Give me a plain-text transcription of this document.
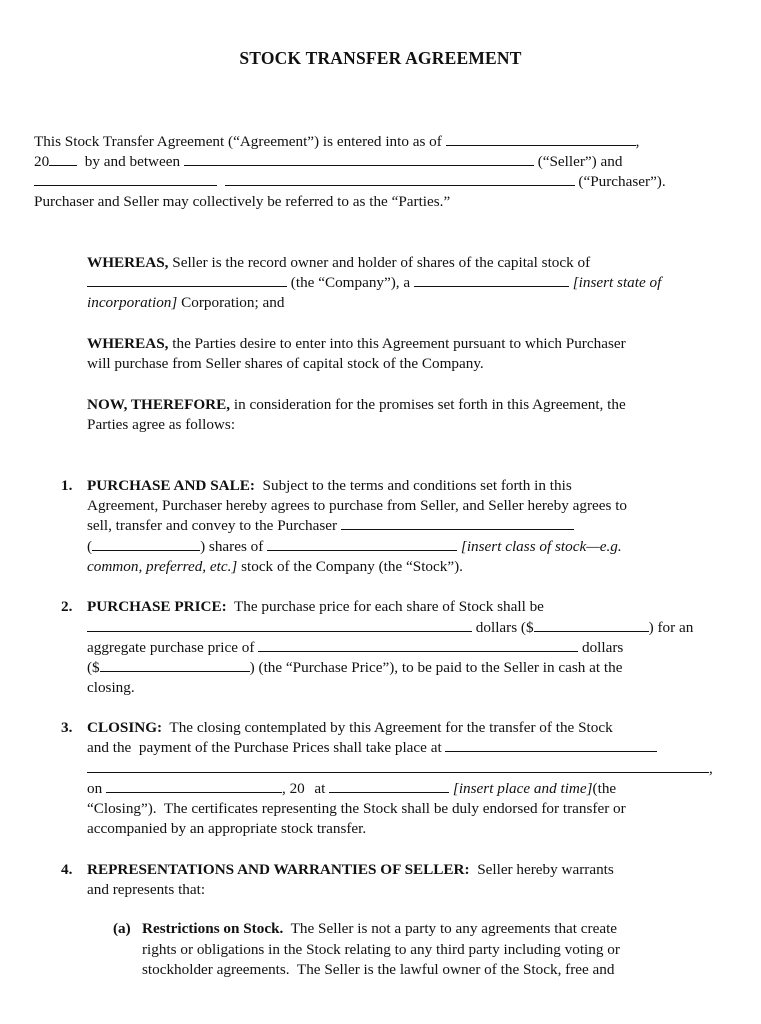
STOCK TRANSFER AGREEMENT
This Stock Transfer Agreement (“Agreement”) is entered into as of	,
20 by and between	(“Seller”) and
(“Purchaser”).
Purchaser and Seller may collectively be referred to as the “Parties.”
WHEREAS, Seller is the record owner and holder of shares of the capital stock of
(the “Company”), a	[insert state of
incorporation] Corporation; and
WHEREAS, the Parties desire to enter into this Agreement pursuant to which Purchaser
will purchase from Seller shares of capital stock of the Company.
NOW, THEREFORE, in consideration for the promises set forth in this Agreement, the
Parties agree as follows:
1. PURCHASE AND SALE:  Subject to the terms and conditions set forth in this
Agreement, Purchaser hereby agrees to purchase from Seller, and Seller hereby agrees to
sell, transfer and convey to the Purchaser
(	) shares of	[insert class of stock—e.g.
common, preferred, etc.] stock of the Company (the “Stock”).
2. PURCHASE PRICE:  The purchase price for each share of Stock shall be
dollars ($	) for an
aggregate purchase price of	dollars
($	) (the “Purchase Price”), to be paid to the Seller in cash at the
closing.
3. CLOSING:  The closing contemplated by this Agreement for the transfer of the Stock
and the  payment of the Purchase Prices shall take place at
,
on	, 20 at	[insert place and time](the
“Closing”).  The certificates representing the Stock shall be duly endorsed for transfer or
accompanied by an appropriate stock transfer.
4. REPRESENTATIONS AND WARRANTIES OF SELLER:  Seller hereby warrants
and represents that:
(a) Restrictions on Stock.  The Seller is not a party to any agreements that create
rights or obligations in the Stock relating to any third party including voting or
stockholder agreements.  The Seller is the lawful owner of the Stock, free and
